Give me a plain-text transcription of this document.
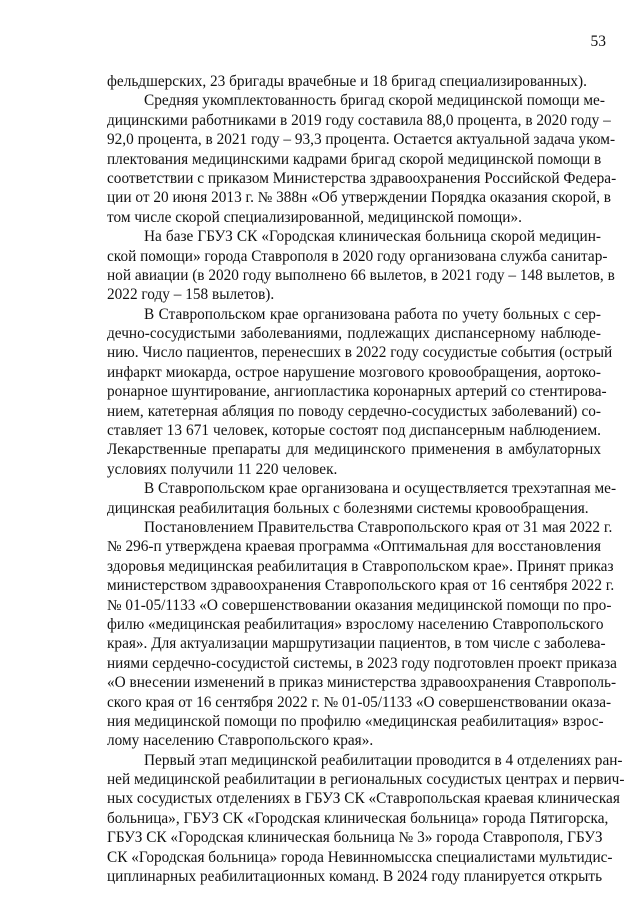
53
фельдшерских, 23 бригады врачебные и 18 бригад специализированных).
Средняя укомплектованность бригад скорой медицинской помощи ме-
дицинскими работниками в 2019 году составила 88,0 процента, в 2020 году –
92,0 процента, в 2021 году – 93,3 процента. Остается актуальной задача уком-
плектования медицинскими кадрами бригад скорой медицинской помощи в
соответствии с приказом Министерства здравоохранения Российской Федера-
ции от 20 июня 2013 г. № 388н «Об утверждении Порядка оказания скорой, в
том числе скорой специализированной, медицинской помощи».
На базе ГБУЗ СК «Городская клиническая больница скорой медицин-
ской помощи» города Ставрополя в 2020 году организована служба санитар-
ной авиации (в 2020 году выполнено 66 вылетов, в 2021 году – 148 вылетов, в
2022 году – 158 вылетов).
В Ставропольском крае организована работа по учету больных с сер-
дечно-сосудистыми заболеваниями, подлежащих диспансерному наблюде-
нию. Число пациентов, перенесших в 2022 году сосудистые события (острый
инфаркт миокарда, острое нарушение мозгового кровообращения, аортоко-
ронарное шунтирование, ангиопластика коронарных артерий со стентирова-
нием, катетерная абляция по поводу сердечно-сосудистых заболеваний) со-
ставляет 13 671 человек, которые состоят под диспансерным наблюдением.
Лекарственные препараты для медицинского применения в амбулаторных
условиях получили 11 220 человек.
В Ставропольском крае организована и осуществляется трехэтапная ме-
дицинская реабилитация больных с болезнями системы кровообращения.
Постановлением Правительства Ставропольского края от 31 мая 2022 г.
№ 296-п утверждена краевая программа «Оптимальная для восстановления
здоровья медицинская реабилитация в Ставропольском крае». Принят приказ
министерством здравоохранения Ставропольского края от 16 сентября 2022 г.
№ 01-05/1133 «О совершенствовании оказания медицинской помощи по про-
филю «медицинская реабилитация» взрослому населению Ставропольского
края». Для актуализации маршрутизации пациентов, в том числе с заболева-
ниями сердечно-сосудистой системы, в 2023 году подготовлен проект приказа
«О внесении изменений в приказ министерства здравоохранения Ставрополь-
ского края от 16 сентября 2022 г. № 01-05/1133 «О совершенствовании оказа-
ния медицинской помощи по профилю «медицинская реабилитация» взрос-
лому населению Ставропольского края».
Первый этап медицинской реабилитации проводится в 4 отделениях ран-
ней медицинской реабилитации в региональных сосудистых центрах и первич-
ных сосудистых отделениях в ГБУЗ СК «Ставропольская краевая клиническая
больница», ГБУЗ СК «Городская клиническая больница» города Пятигорска,
ГБУЗ СК «Городская клиническая больница № 3» города Ставрополя, ГБУЗ
СК «Городская больница» города Невинномысска специалистами мультидис-
циплинарных реабилитационных команд. В 2024 году планируется открыть
